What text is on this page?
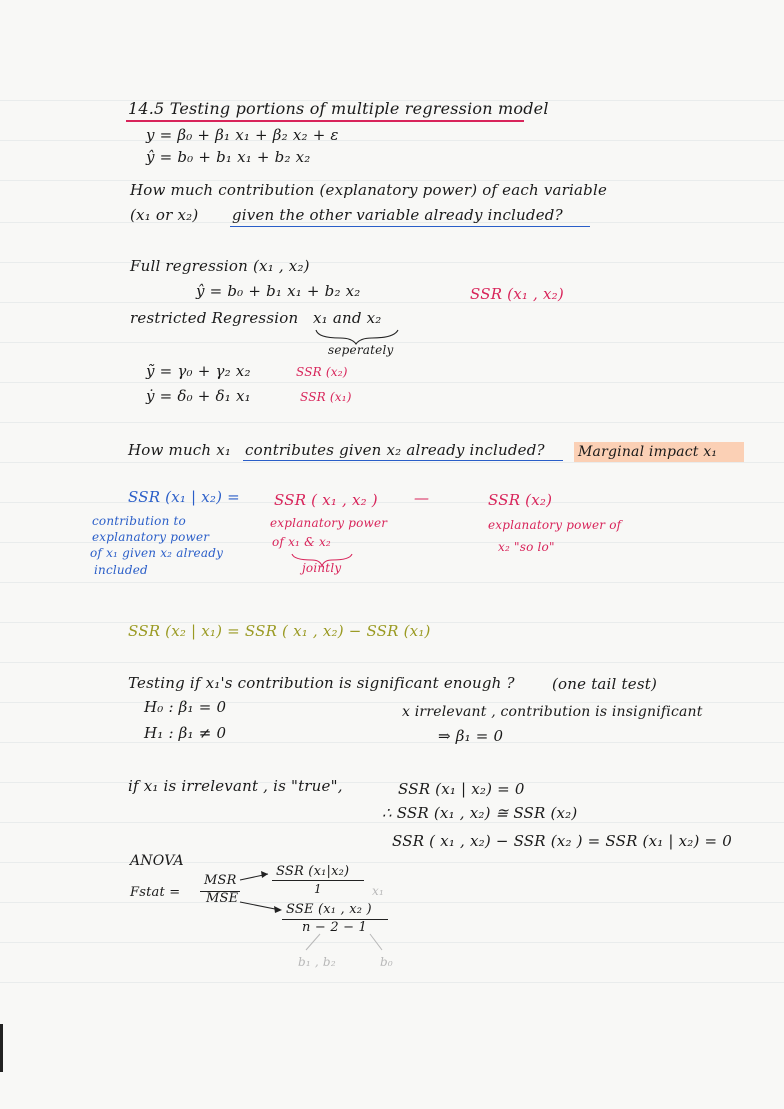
14.5 Testing portions of multiple regression model
y = β₀ + β₁ x₁ + β₂ x₂ + ε
ŷ = b₀ + b₁ x₁ + b₂ x₂
How much contribution (explanatory power) of each variable
(x₁ or x₂) given the other variable already included?
Full regression (x₁ , x₂)
ŷ = b₀ + b₁ x₁ + b₂ x₂	SSR (x₁ , x₂)
restricted Regression x₁ and x₂
seperately
ỹ = γ₀ + γ₂ x₂	SSR (x₂)
ẏ = δ₀ + δ₁ x₁	SSR (x₁)
How much x₁ contributes given x₂ already included? Marginal impact x₁
SSR (x₁ | x₂) =
contribution to
explanatory power
of x₁ given x₂ already
included
SSR ( x₁ , x₂ )
explanatory power
of x₁ & x₂
jointly
—	SSR (x₂)
explanatory power of
x₂ "so lo"
SSR (x₂ | x₁) = SSR ( x₁ , x₂) − SSR (x₁)
Testing if x₁'s contribution is significant enough ? (one tail test)
H₀ : β₁ = 0	x irrelevant , contribution is insignificant
H₁ : β₁ ≠ 0	⇒ β₁ = 0
if x₁ is irrelevant , is "true",	SSR (x₁ | x₂) = 0
∴ SSR (x₁ , x₂) ≅ SSR (x₂)
SSR ( x₁ , x₂) − SSR (x₂ ) = SSR (x₁ | x₂) = 0
ANOVA
Fstat =
MSR
MSE
SSR (x₁|x₂)
1	x₁
SSE (x₁ , x₂ )
n − 2 − 1
b₁ , b₂	b₀
